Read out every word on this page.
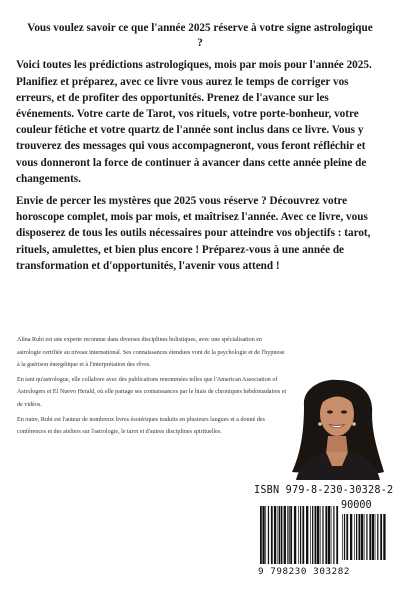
Vous voulez savoir ce que l'année 2025 réserve à votre signe astrologique

?

Voici toutes les prédictions astrologiques, mois par mois pour l'année 2025. Planifiez et préparez, avec ce livre vous aurez le temps de corriger vos erreurs, et de profiter des opportunités. Prenez de l'avance sur les événements. Votre carte de Tarot, vos rituels, votre porte-bonheur, votre couleur fétiche et votre quartz de l'année sont inclus dans ce livre. Vous y trouverez des messages qui vous accompagneront, vous feront réfléchir et vous donneront la force de continuer à avancer dans cette année pleine de changements.

Envie de percer les mystères que 2025 vous réserve ? Découvrez votre horoscope complet, mois par mois, et maîtrisez l'année. Avec ce livre, vous disposerez de tous les outils nécessaires pour atteindre vos objectifs : tarot, rituels, amulettes, et bien plus encore ! Préparez-vous à une année de transformation et d'opportunités, l'avenir vous attend !

Alina Rubi est une experte reconnue dans diverses disciplines holistiques, avec une spécialisation en astrologie certifiée au niveau international. Ses connaissances étendues vont de la psychologie et de l'hypnose à la guérison énergétique et à l'interprétation des rêves.

En tant qu'astrologue, elle collabore avec des publications renommées telles que l'American Association of Astrologers et El Nuevo Herald, où elle partage ses connaissances par le biais de chroniques hebdomadaires et de vidéos.

En outre, Rubi est l'auteur de nombreux livres ésotériques traduits en plusieurs langues et a donné des conférences et des ateliers sur l'astrologie, le tarot et d'autres disciplines spirituelles.

ISBN 979-8-230-30328-2
90000
9 798230 303282
